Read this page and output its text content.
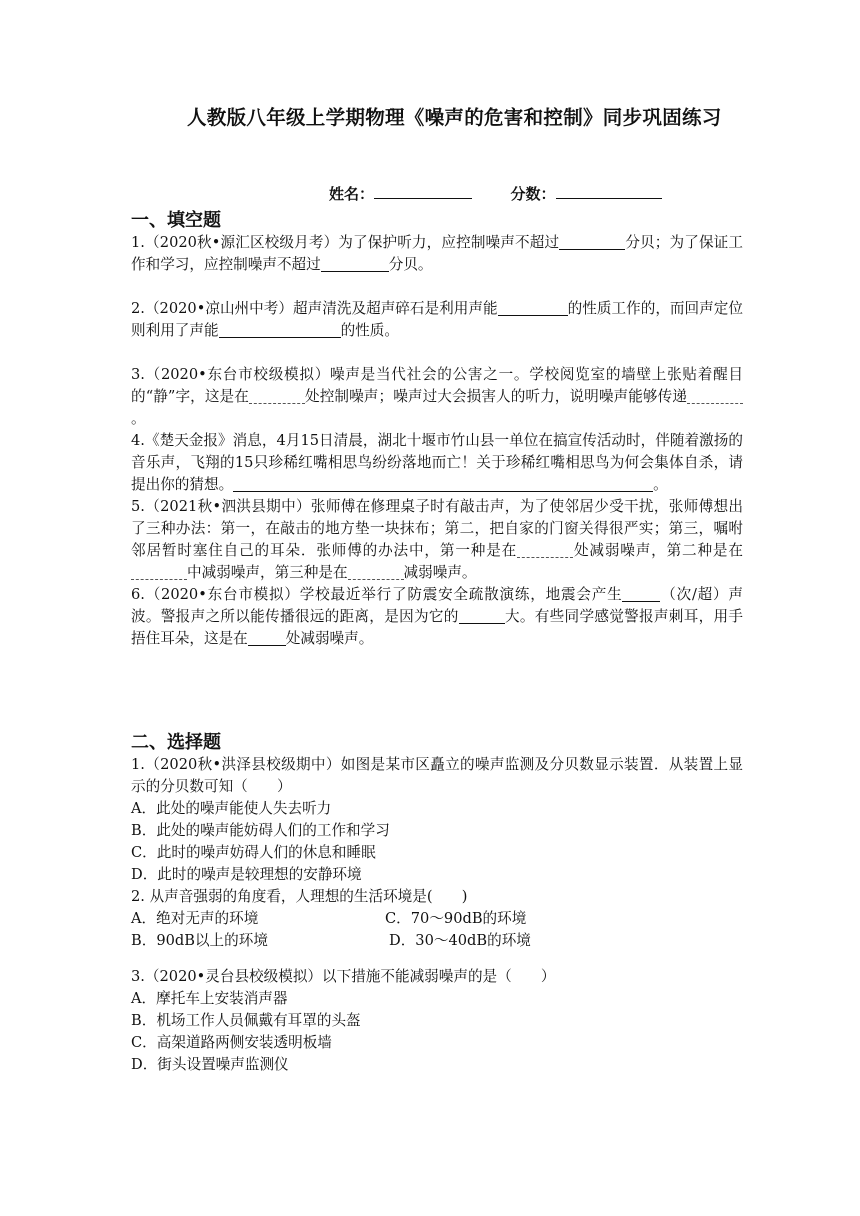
人教版八年级上学期物理《噪声的危害和控制》同步巩固练习
姓名：	分数：
一、填空题

1.（2020秋•源汇区校级月考）为了保护听力，应控制噪声不超过	分贝；为了保证工作和学习，应控制噪声不超过	分贝。

2.（2020•凉山州中考）超声清洗及超声碎石是利用声能	的性质工作的，而回声定位则利用了声能	的性质。

3.（2020•东台市校级模拟）噪声是当代社会的公害之一。学校阅览室的墙壁上张贴着醒目的“静”字，这是在	处控制噪声；噪声过大会损害人的听力，说明噪声能够传递。

4.《楚天金报》消息，4月15日清晨，湖北十堰市竹山县一单位在搞宣传活动时，伴随着激扬的音乐声，飞翔的15只珍稀红嘴相思鸟纷纷落地而亡！关于珍稀红嘴相思鸟为何会集体自杀，请提出你的猜想。	。

5.（2021秋•泗洪县期中）张师傅在修理桌子时有敲击声，为了使邻居少受干扰，张师傅想出了三种办法：第一，在敲击的地方垫一块抹布；第二，把自家的门窗关得很严实；第三，嘱咐邻居暂时塞住自己的耳朵．张师傅的办法中，第一种是在	处减弱噪声，第二种是在中减弱噪声，第三种是在	减弱噪声。

6.（2020•东台市模拟）学校最近举行了防震安全疏散演练，地震会产生	（次/超）声波。警报声之所以能传播很远的距离，是因为它的	大。有些同学感觉警报声刺耳，用手捂住耳朵，这是在	处减弱噪声。

二、选择题

1.（2020秋•洪泽县校级期中）如图是某市区矗立的噪声监测及分贝数显示装置．从装置上显示的分贝数可知（　　）

A．此处的噪声能使人失去听力

B．此处的噪声能妨碍人们的工作和学习

C．此时的噪声妨碍人们的休息和睡眠

D．此时的噪声是较理想的安静环境

2. 从声音强弱的角度看，人理想的生活环境是(　　)

A．绝对无声的环境	C．70～90dB的环境

B．90dB以上的环境	D．30～40dB的环境

3.（2020•灵台县校级模拟）以下措施不能减弱噪声的是（　　）

A．摩托车上安装消声器

B．机场工作人员佩戴有耳罩的头盔

C．高架道路两侧安装透明板墙

D．街头设置噪声监测仪
